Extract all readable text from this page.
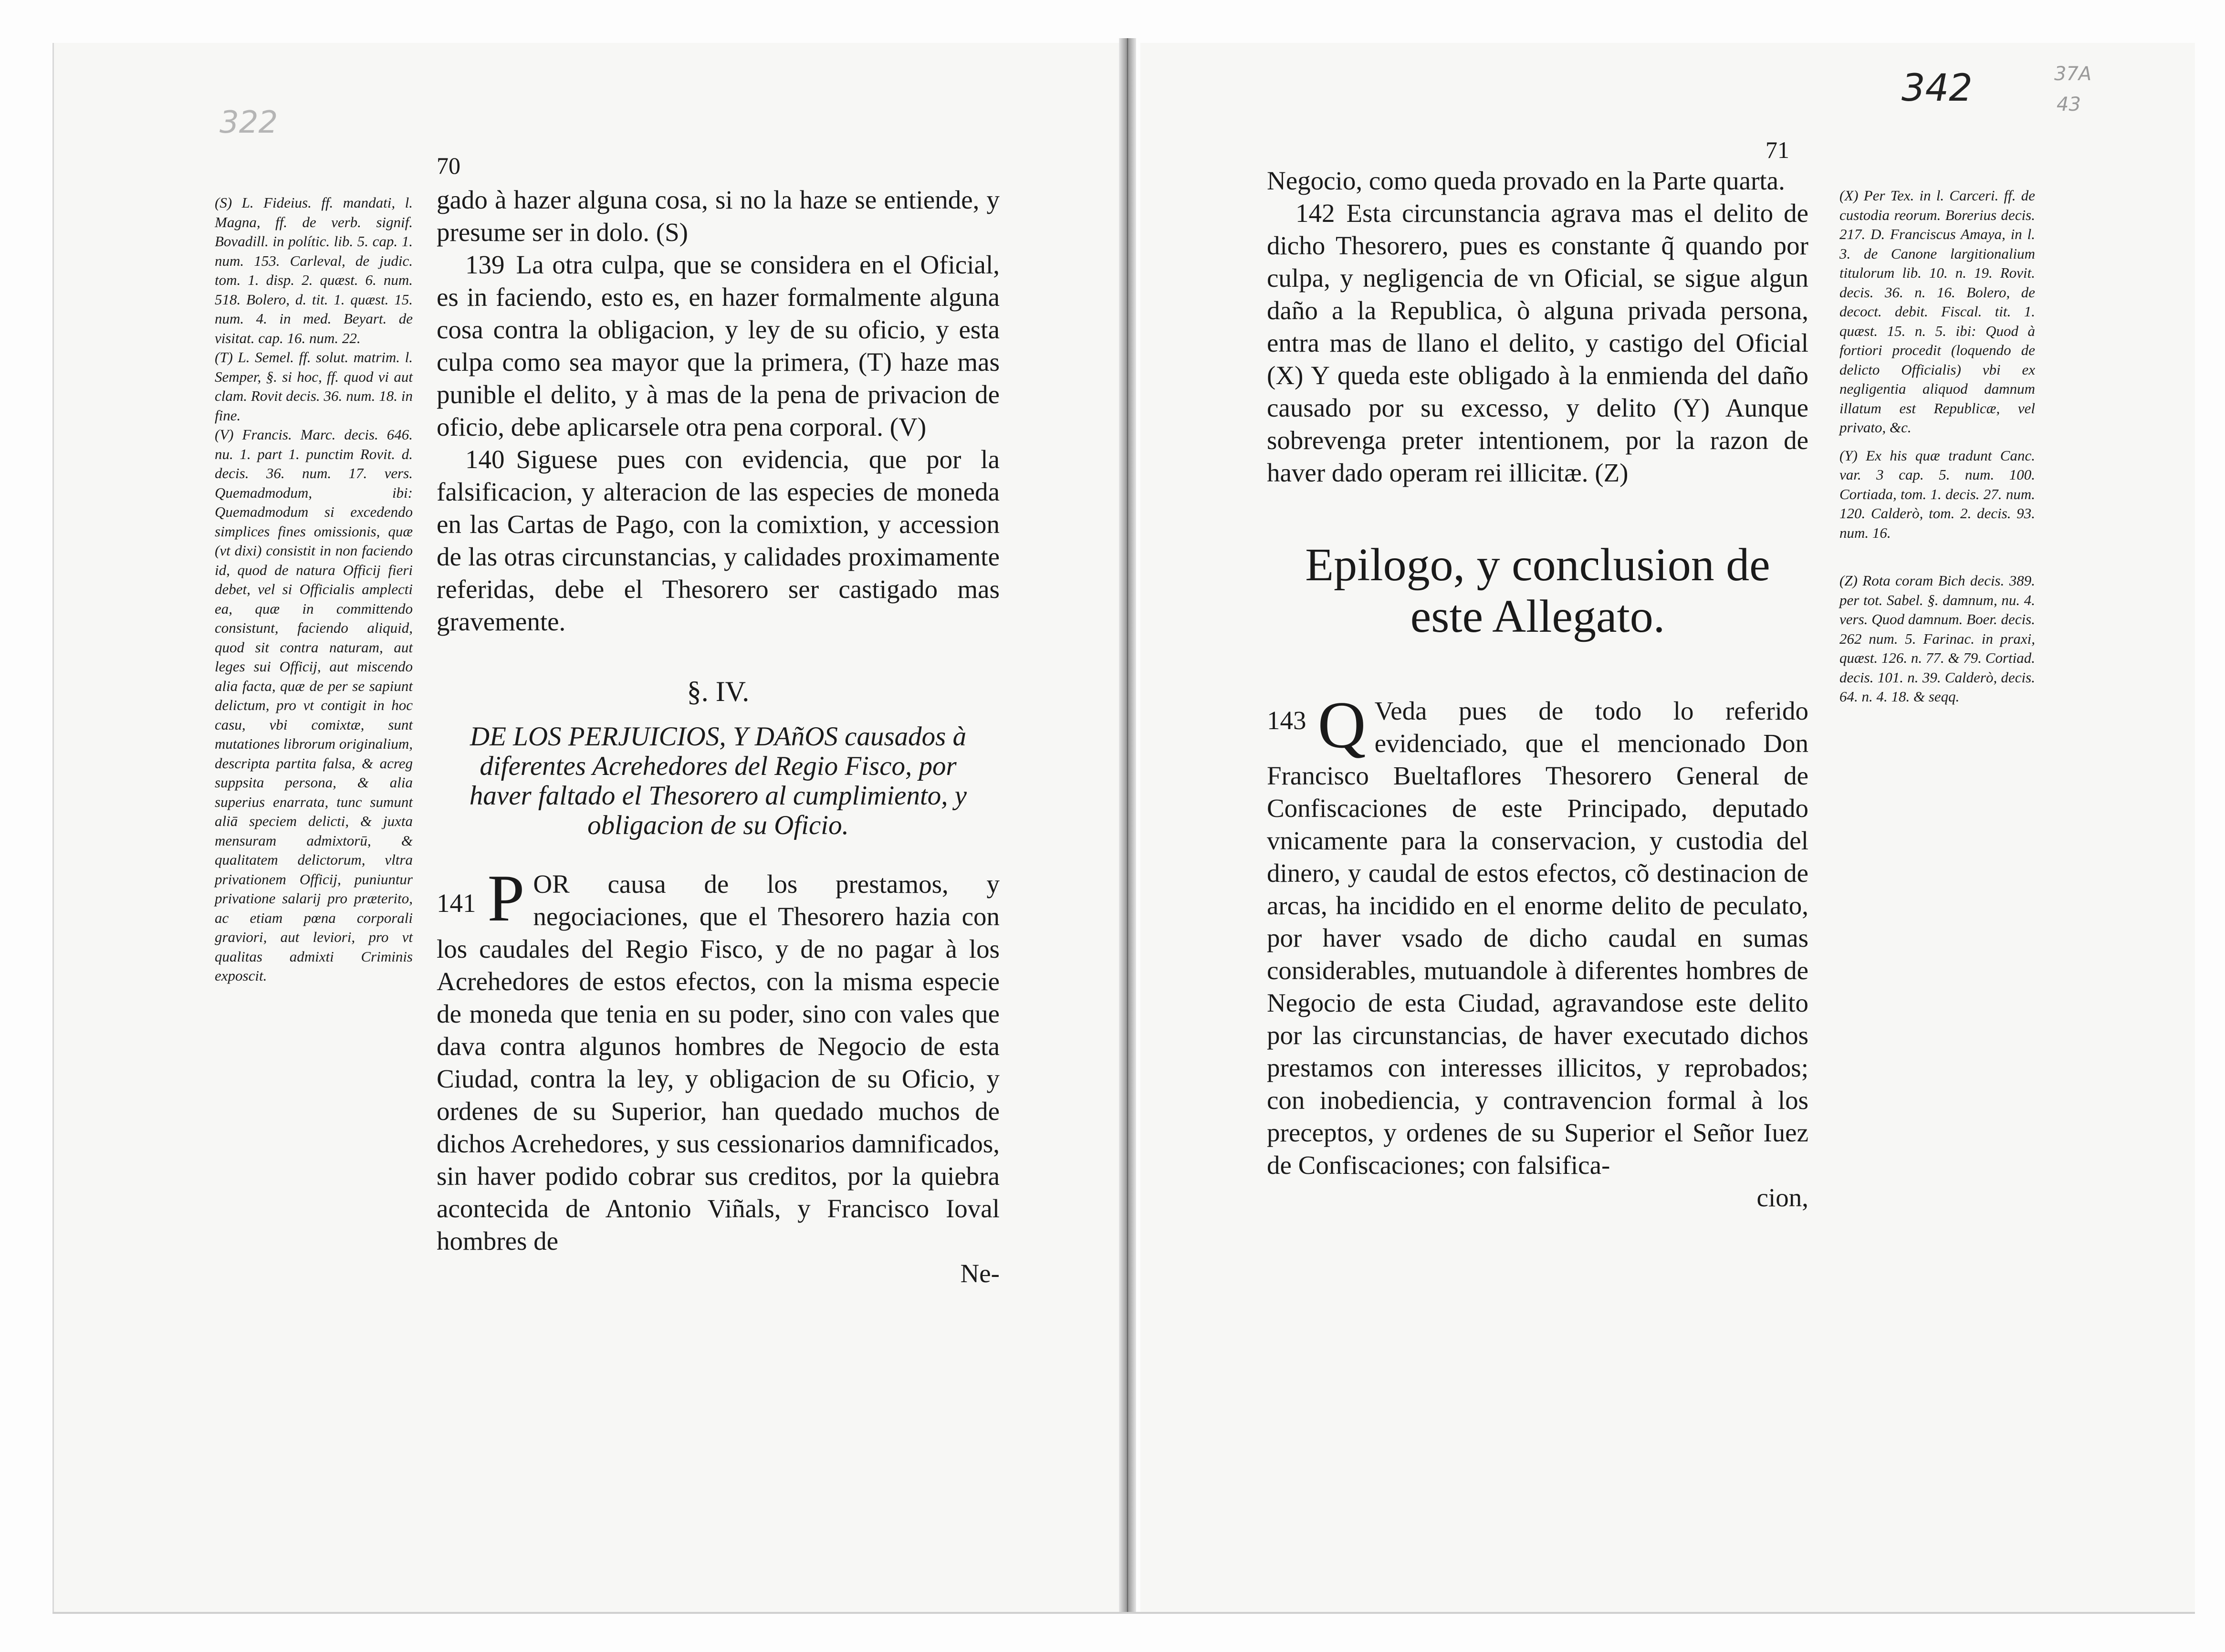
322
70
(S) L. Fideius. ff. mandati, l. Magna, ff. de verb. signif. Bovadill. in polític. lib. 5. cap. 1. num. 153. Carleval, de judic. tom. 1. disp. 2. quæst. 6. num. 518. Bolero, d. tit. 1. quæst. 15. num. 4. in med. Beyart. de visitat. cap. 16. num. 22.
(T) L. Semel. ff. solut. matrim. l. Semper, §. si hoc, ff. quod vi aut clam. Rovit decis. 36. num. 18. in fine.
(V) Francis. Marc. decis. 646. nu. 1. part 1. punctim Rovit. d. decis. 36. num. 17. vers. Quemadmodum, ibi: Quemadmodum si excedendo simplices fines omissionis, quæ (vt dixi) consistit in non faciendo id, quod de natura Officij fieri debet, vel si Officialis amplecti ea, quæ in committendo consistunt, faciendo aliquid, quod sit contra naturam, aut leges sui Officij, aut miscendo alia facta, quæ de per se sapiunt delictum, pro vt contigit in hoc casu, vbi comixtæ, sunt mutationes librorum originalium, descripta partita falsa, & acreg suppsita persona, & alia superius enarrata, tunc sumunt aliā speciem delicti, & juxta mensuram admixtorū, & qualitatem delictorum, vltra privationem Officij, puniuntur privatione salarij pro præterito, ac etiam pœna corporali graviori, aut leviori, pro vt qualitas admixti Criminis exposcit.
gado à hazer alguna cosa, si no la haze se entiende, y presume ser in dolo. (S)
139 La otra culpa, que se considera en el Oficial, es in faciendo, esto es, en hazer formalmente alguna cosa contra la obligacion, y ley de su oficio, y esta culpa como sea mayor que la primera, (T) haze mas punible el delito, y à mas de la pena de privacion de oficio, debe aplicarsele otra pena corporal. (V)
140 Siguese pues con evidencia, que por la falsificacion, y alteracion de las especies de moneda en las Cartas de Pago, con la comixtion, y accession de las otras circunstancias, y calidades proximamente referidas, debe el Thesorero ser castigado mas gravemente.
§. IV.
DE LOS PERJUICIOS, Y DAñOS causados à diferentes Acrehedores del Regio Fisco, por haver faltado el Thesorero al cumplimiento, y obligacion de su Oficio.
141 P OR causa de los prestamos, y negociaciones, que el Thesorero hazia con los caudales del Regio Fisco, y de no pagar à los Acrehedores de estos efectos, con la misma especie de moneda que tenia en su poder, sino con vales que dava contra algunos hombres de Negocio de esta Ciudad, contra la ley, y obligacion de su Oficio, y ordenes de su Superior, han quedado muchos de dichos Acrehedores, y sus cessionarios damnificados, sin haver podido cobrar sus creditos, por la quiebra acontecida de Antonio Viñals, y Francisco Ioval hombres de
Ne-
342	37A
43
71
Negocio, como queda provado en la Parte quarta.
142 Esta circunstancia agrava mas el delito de dicho Thesorero, pues es constante q̃ quando por culpa, y negligencia de vn Oficial, se sigue algun daño a la Republica, ò alguna privada persona, entra mas de llano el delito, y castigo del Oficial (X) Y queda este obligado à la enmienda del daño causado por su excesso, y delito (Y) Aunque sobrevenga preter intentionem, por la razon de haver dado operam rei illicitæ. (Z)
Epilogo, y conclusion de este Allegato.
143 Q Veda pues de todo lo referido evidenciado, que el mencionado Don Francisco Bueltaflores Thesorero General de Confiscaciones de este Principado, deputado vnicamente para la conservacion, y custodia del dinero, y caudal de estos efectos, cõ destinacion de arcas, ha incidido en el enorme delito de peculato, por haver vsado de dicho caudal en sumas considerables, mutuandole à diferentes hombres de Negocio de esta Ciudad, agravandose este delito por las circunstancias, de haver executado dichos prestamos con interesses illicitos, y reprobados; con inobediencia, y contravencion formal à los preceptos, y ordenes de su Superior el Señor Iuez de Confiscaciones; con falsifica-
cion,
(X) Per Tex. in l. Carceri. ff. de custodia reorum. Borerius decis. 217. D. Franciscus Amaya, in l. 3. de Canone largitionalium titulorum lib. 10. n. 19. Rovit. decis. 36. n. 16. Bolero, de decoct. debit. Fiscal. tit. 1. quæst. 15. n. 5. ibi: Quod à fortiori procedit (loquendo de delicto Officialis) vbi ex negligentia aliquod damnum illatum est Republicæ, vel privato, &c.
(Y) Ex his quæ tradunt Canc. var. 3 cap. 5. num. 100. Cortiada, tom. 1. decis. 27. num. 120. Calderò, tom. 2. decis. 93. num. 16.
(Z) Rota coram Bich decis. 389. per tot. Sabel. §. damnum, nu. 4. vers. Quod damnum. Boer. decis. 262 num. 5. Farinac. in praxi, quæst. 126. n. 77. & 79. Cortiad. decis. 101. n. 39. Calderò, decis. 64. n. 4. 18. & seqq.
